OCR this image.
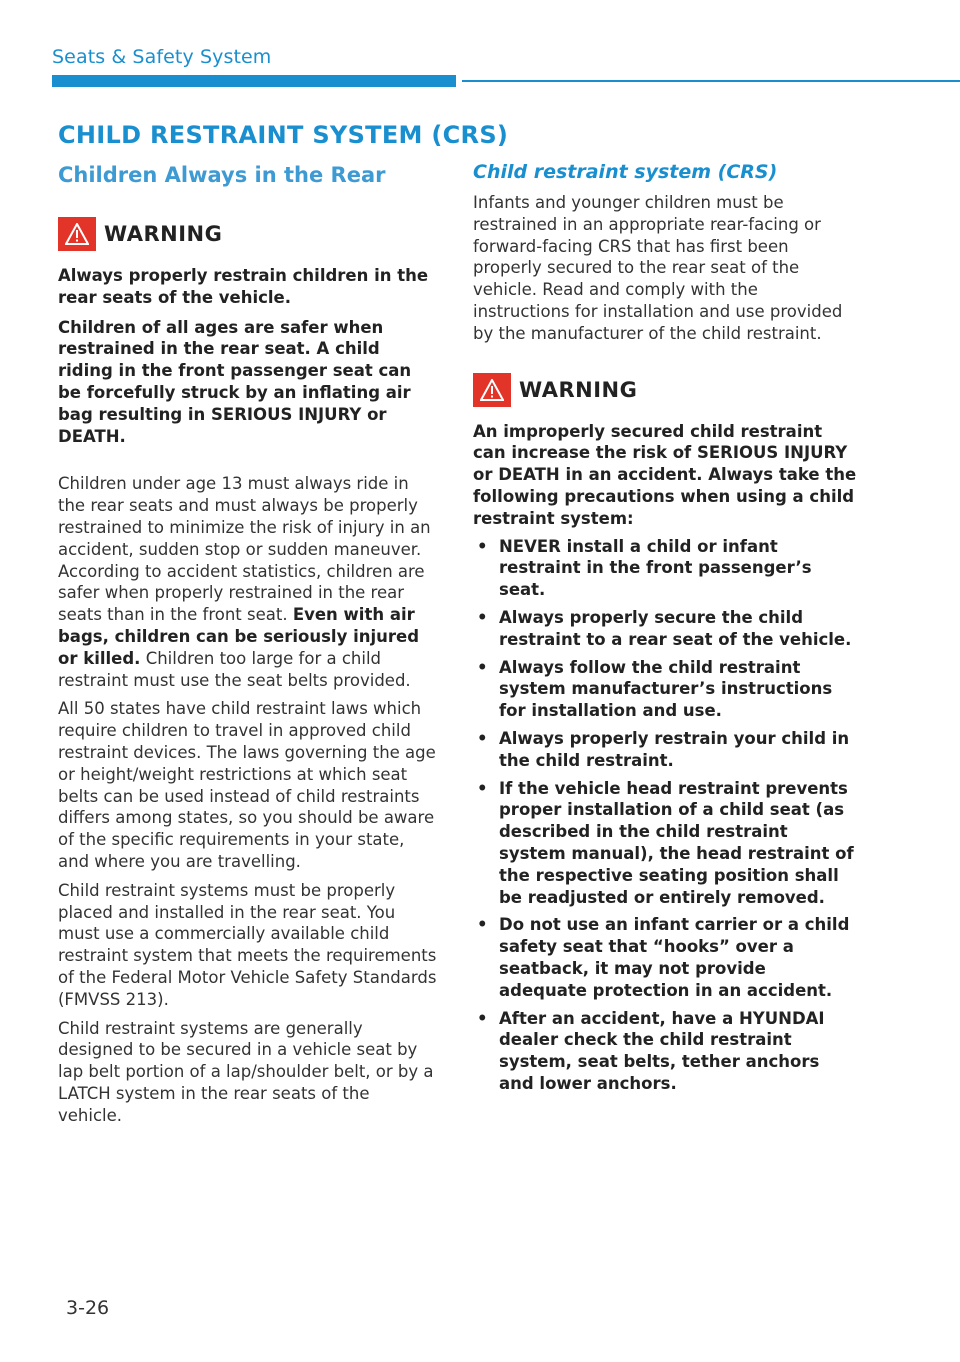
Seats & Safety System
CHILD RESTRAINT SYSTEM (CRS)
Children Always in the Rear
WARNING

Always properly restrain children in the rear seats of the vehicle.

Children of all ages are safer when restrained in the rear seat. A child riding in the front passenger seat can be forcefully struck by an inflating air bag resulting in SERIOUS INJURY or DEATH.

Children under age 13 must always ride in the rear seats and must always be properly restrained to minimize the risk of injury in an accident, sudden stop or sudden maneuver. According to accident statistics, children are safer when properly restrained in the rear seats than in the front seat. Even with air bags, children can be seriously injured or killed. Children too large for a child restraint must use the seat belts provided.

All 50 states have child restraint laws which require children to travel in approved child restraint devices. The laws governing the age or height/weight restrictions at which seat belts can be used instead of child restraints differs among states, so you should be aware of the specific requirements in your state, and where you are travelling.

Child restraint systems must be properly placed and installed in the rear seat. You must use a commercially available child restraint system that meets the requirements of the Federal Motor Vehicle Safety Standards (FMVSS 213).

Child restraint systems are generally designed to be secured in a vehicle seat by lap belt portion of a lap/shoulder belt, or by a LATCH system in the rear seats of the vehicle.

Child restraint system (CRS)

Infants and younger children must be restrained in an appropriate rear-facing or forward-facing CRS that has first been properly secured to the rear seat of the vehicle. Read and comply with the instructions for installation and use provided by the manufacturer of the child restraint.

WARNING

An improperly secured child restraint can increase the risk of SERIOUS INJURY or DEATH in an accident. Always take the following precautions when using a child restraint system:

• NEVER install a child or infant restraint in the front passenger’s seat.
• Always properly secure the child restraint to a rear seat of the vehicle.
• Always follow the child restraint system manufacturer’s instructions for installation and use.
• Always properly restrain your child in the child restraint.
• If the vehicle head restraint prevents proper installation of a child seat (as described in the child restraint system manual), the head restraint of the respective seating position shall be readjusted or entirely removed.
• Do not use an infant carrier or a child safety seat that “hooks” over a seatback, it may not provide adequate protection in an accident.
• After an accident, have a HYUNDAI dealer check the child restraint system, seat belts, tether anchors and lower anchors.
3-26
